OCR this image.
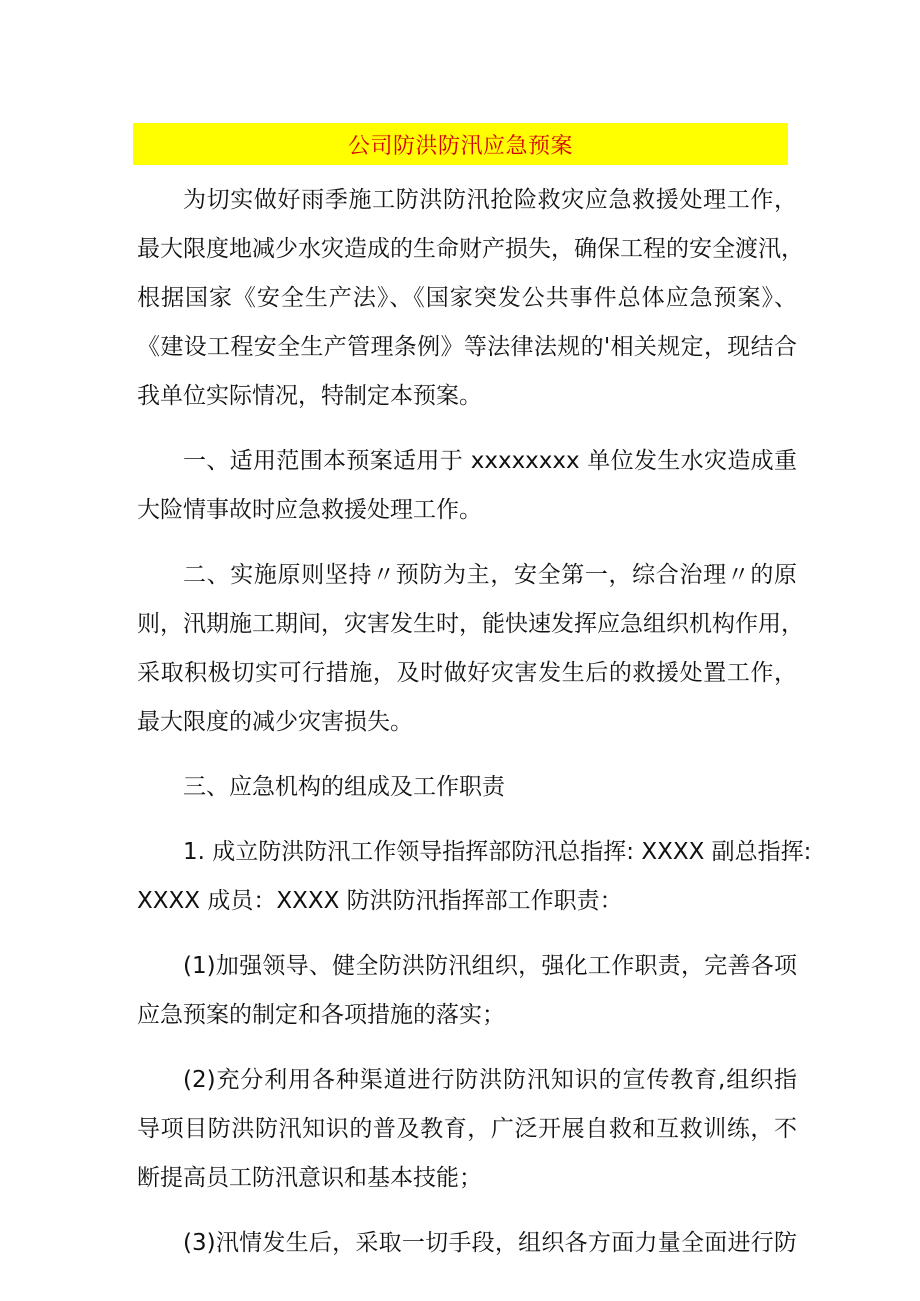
公司防洪防汛应急预案
为切实做好雨季施工防洪防汛抢险救灾应急救援处理工作，
最大限度地减少水灾造成的生命财产损失，确保工程的安全渡汛，
根据国家《安全生产法》、《国家突发公共事件总体应急预案》、
《建设工程安全生产管理条例》等法律法规的'相关规定，现结合
我单位实际情况，特制定本预案。
一、适用范围本预案适用于 xxxxxxxx 单位发生水灾造成重
大险情事故时应急救援处理工作。
二、实施原则坚持〃预防为主，安全第一，综合治理〃的原
则，汛期施工期间，灾害发生时，能快速发挥应急组织机构作用，
采取积极切实可行措施，及时做好灾害发生后的救援处置工作，
最大限度的减少灾害损失。
三、应急机构的组成及工作职责
1. 成立防洪防汛工作领导指挥部防汛总指挥: XXXX 副总指挥:
XXXX 成员：XXXX 防洪防汛指挥部工作职责：
(1)加强领导、健全防洪防汛组织，强化工作职责，完善各项
应急预案的制定和各项措施的落实；
(2)充分利用各种渠道进行防洪防汛知识的宣传教育,组织指
导项目防洪防汛知识的普及教育，广泛开展自救和互救训练，不
断提高员工防汛意识和基本技能；
(3)汛情发生后，采取一切手段，组织各方面力量全面进行防
